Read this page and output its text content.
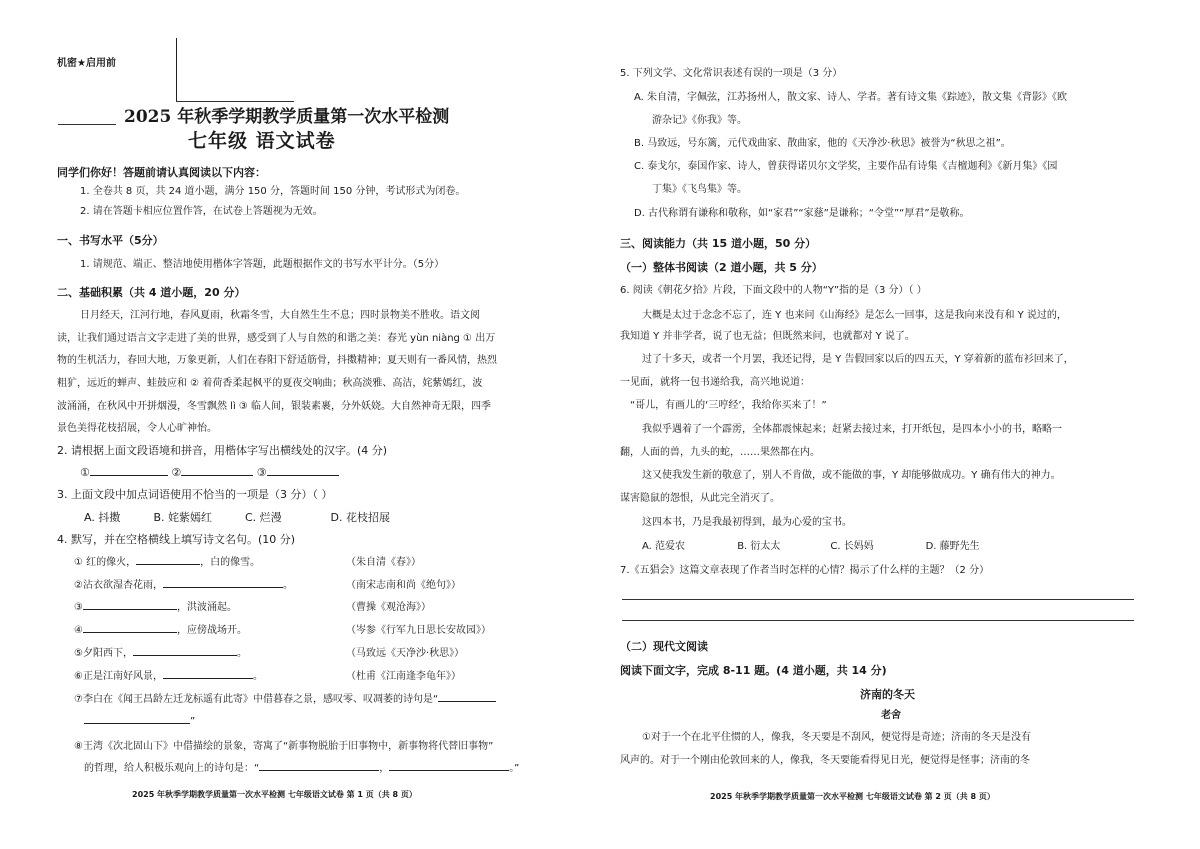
机密★启用前
2025 年秋季学期教学质量第一次水平检测
七年级 语文试卷
同学们你好！答题前请认真阅读以下内容：
1. 全卷共 8 页，共 24 道小题，满分 150 分，答题时间 150 分钟，考试形式为闭卷。
2. 请在答题卡相应位置作答，在试卷上答题视为无效。
一、书写水平（5分）
1. 请规范、端正、整洁地使用楷体字答题，此题根据作文的书写水平计分。（5分）
二、基础积累（共 4 道小题，20 分）
日月经天，江河行地，春风夏雨，秋霜冬雪，大自然生生不息；四时景物美不胜收。语文阅
读，让我们通过语言文字走进了美的世界，感受到了人与自然的和谐之美：春光 yùn niàng ① 出万
物的生机活力，春回大地，万象更新，人们在春阳下舒适筋骨，抖擞精神；夏天则有一番风情，热烈
粗犷，远近的蝉声、蛙鼓应和 ② 着荷香柔起枫平的夏夜交响曲；秋高淡雅、高洁，姹紫嫣红，波
波涌涌，在秋风中开拼烟漫，冬雪飘然 lì ③ 临人间，银装素裹，分外妖娆。大自然神奇无限，四季
景色美得花枝招展，令人心旷神怡。
2. 请根据上面文段语境和拼音，用楷体字写出横线处的汉字。(4 分)
①	②	③
3. 上面文段中加点词语使用不恰当的一项是（3 分）（ ）
A. 抖擞	B. 姹紫嫣红	C. 烂漫	D. 花枝招展
4. 默写，并在空格横线上填写诗文名句。(10 分)
① 红的像火，	，白的像雪。	（朱自清《春》）
②沾衣欲湿杏花雨，	。	（南宋志南和尚《绝句》）
③	，洪波涌起。	（曹操《观沧海》）
④	，应傍战场开。	（岑参《行军九日思长安故园》）
⑤夕阳西下，	。	（马致远《天净沙·秋思》）
⑥正是江南好风景，	。	（杜甫《江南逢李龟年》）
⑦李白在《闻王昌龄左迁龙标遥有此寄》中借暮春之景，感叹零、叹凋萎的诗句是“
”
⑧王湾《次北固山下》中借描绘的景象，寄寓了“新事物脱胎于旧事物中，新事物将代替旧事物”
的哲理，给人积极乐观向上的诗句是：“	，	。”
2025 年秋季学期教学质量第一次水平检测 七年级语文试卷 第 1 页（共 8 页）
5. 下列文学、文化常识表述有误的一项是（3 分）
A. 朱自清，字佩弦，江苏扬州人，散文家、诗人、学者。著有诗文集《踪迹》，散文集《背影》《欧
游杂记》《你我》等。
B. 马致远，号东篱，元代戏曲家、散曲家，他的《天净沙·秋思》被誉为“秋思之祖”。
C. 泰戈尔，泰国作家、诗人，曾获得诺贝尔文学奖，主要作品有诗集《吉檀迦利》《新月集》《园
丁集》《飞鸟集》等。
D. 古代称谓有谦称和敬称，如“家君”“家慈”是谦称；“令堂”“厚君”是敬称。
三、阅读能力（共 15 道小题，50 分）
（一）整体书阅读（2 道小题，共 5 分）
6. 阅读《朝花夕拾》片段，下面文段中的人物“Y”指的是（3 分）（ ）
大概是太过于念念不忘了，连 Y 也来问《山海经》是怎么一回事，这是我向来没有和 Y 说过的，
我知道 Y 并非学者，说了也无益；但既然来问，也就都对 Y 说了。
过了十多天，或者一个月罢，我还记得，是 Y 告假回家以后的四五天，Y 穿着新的蓝布衫回来了，
一见面，就将一包书递给我，高兴地说道：
“哥儿，有画儿的‘三哼经’，我给你买来了！”
我似乎遇着了一个霹雳，全体都震悚起来；赶紧去接过来，打开纸包，是四本小小的书，略略一
翻，人面的兽，九头的蛇，……果然都在内。
这又使我发生新的敬意了，别人不肯做，或不能做的事，Y 却能够做成功。Y 确有伟大的神力。
谋害隐鼠的怨恨，从此完全消灭了。
这四本书，乃是我最初得到，最为心爱的宝书。
A. 范爱农	B. 衍太太	C. 长妈妈	D. 藤野先生
7.《五猖会》这篇文章表现了作者当时怎样的心情？揭示了什么样的主题？（2 分）
（二）现代文阅读
阅读下面文字，完成 8-11 题。(4 道小题，共 14 分)
济南的冬天
老舍
①对于一个在北平住惯的人，像我，冬天要是不刮风，便觉得是奇迹；济南的冬天是没有
风声的。对于一个刚由伦敦回来的人，像我，冬天要能看得见日光，便觉得是怪事；济南的冬
2025 年秋季学期教学质量第一次水平检测 七年级语文试卷 第 2 页（共 8 页）
